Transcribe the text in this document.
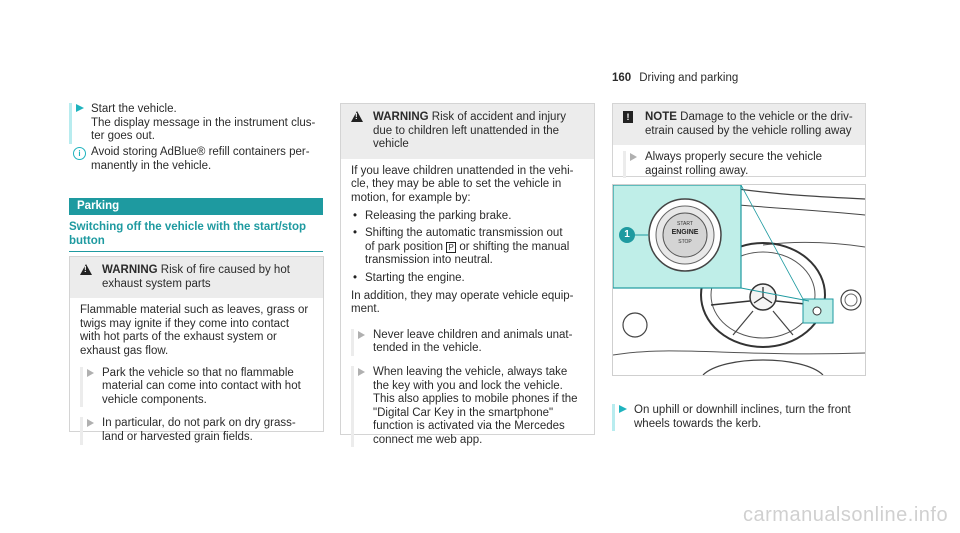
160 Driving and parking
Start the vehicle.
The display message in the instrument clus-
ter goes out.
i Avoid storing AdBlue® refill containers per-
manently in the vehicle.
Parking
Switching off the vehicle with the start/stop
button
!
WARNING Risk of fire caused by hot
exhaust system parts
Flammable material such as leaves, grass or
twigs may ignite if they come into contact
with hot parts of the exhaust system or
exhaust gas flow.
Park the vehicle so that no flammable
material can come into contact with hot
vehicle components.
In particular, do not park on dry grass-
land or harvested grain fields.
!
WARNING Risk of accident and injury
due to children left unattended in the
vehicle
If you leave children unattended in the vehi-
cle, they may be able to set the vehicle in
motion, for example by:
• Releasing the parking brake.
• Shifting the automatic transmission out
of park position P or shifting the manual
transmission into neutral.
• Starting the engine.
In addition, they may operate vehicle equip-
ment.
Never leave children and animals unat-
tended in the vehicle.
When leaving the vehicle, always take
the key with you and lock the vehicle.
This also applies to mobile phones if the
"Digital Car Key in the smartphone"
function is activated via the Mercedes
connect me web app.
!	NOTE Damage to the vehicle or the driv-
etrain caused by the vehicle rolling away
Always properly secure the vehicle
against rolling away.
1
START
ENGINE
STOP
On uphill or downhill inclines, turn the front
wheels towards the kerb.
carmanualsonline.info
